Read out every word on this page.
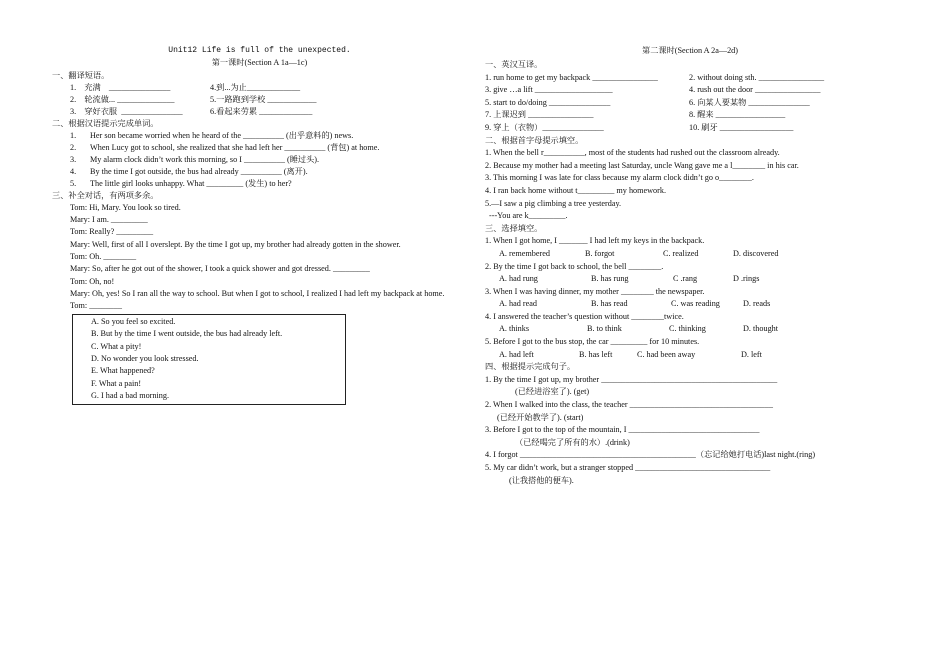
Unit12 Life is full of the unexpected.
第一课时(Section A 1a—1c)
一、翻译短语。
1. 充满 _______________	4.到...为止_____________
2. 轮流做... ______________	5.一路跑到学校 ____________
3. 穿好衣服 _______________	6.看起来劳累 _____________
二、根据汉语提示完成单词。
1. Her son became worried when he heard of the __________ (出乎意料的) news.
2. When Lucy got to school, she realized that she had left her __________ (背包) at home.
3. My alarm clock didn’t work this morning, so I __________ (睡过头).
4. By the time I got outside, the bus had already __________ (离开).
5. The little girl looks unhappy. What _________ (发生) to her?
三、补全对话，有两项多余。
Tom: Hi, Mary. You look so tired.
Mary: I am. _________
Tom: Really? _________
Mary: Well, first of all I overslept. By the time I got up, my brother had already gotten in the shower.
Tom: Oh. ________
Mary: So, after he got out of the shower, I took a quick shower and got dressed. _________
Tom: Oh, no!
Mary: Oh, yes! So I ran all the way to school. But when I got to school, I realized I had left my backpack at home.
Tom: ________
A. So you feel so excited.
B. But by the time I went outside, the bus had already left.
C. What a pity!
D. No wonder you look stressed.
E. What happened?
F. What a pain!
G. I had a bad morning.
第二课时(Section A 2a—2d)
一、英汉互译。
1. run home to get my backpack ________________	2. without doing sth. ________________
3. give …a lift ___________________	4. rush out the door ________________
5. start to do/doing _______________	6. 向某人要某物 _______________
7. 上课迟到 ________________	8. 醒来 _________________
9. 穿上（衣物）_______________	10. 刷牙 __________________
二、根据首字母提示填空。
1. When the bell r__________, most of the students had rushed out the classroom already.
2. Because my mother had a meeting last Saturday, uncle Wang gave me a l________ in his car.
3. This morning I was late for class because my alarm clock didn’t go o________.
4. I ran back home without t_________ my homework.
5.—I saw a pig climbing a tree yesterday.
---You are k_________.
三、选择填空。
1. When I got home, I _______ I had left my keys in the backpack.
A. remembered	B. forgot	C. realized	D. discovered
2. By the time I got back to school, the bell ________.
A. had rung	B. has rung	C .rang	D .rings
3. When I was having dinner, my mother ________ the newspaper.
A. had read	B. has read	C. was reading	D. reads
4. I answered the teacher’s question without ________twice.
A. thinks	B. to think	C. thinking	D. thought
5. Before I got to the bus stop, the car _________ for 10 minutes.
A. had left	B. has left	C. had been away	D. left
四、根据提示完成句子。
1. By the time I got up, my brother ___________________________________________
(已经进浴室了). (get)
2. When I walked into the class, the teacher ___________________________________
(已经开始教学了). (start)
3. Before I got to the top of the mountain, I ________________________________
（已经喝完了所有的水）.(drink)
4. I forgot ___________________________________________（忘记给她打电话)last night.(ring)
5. My car didn’t work, but a stranger stopped _________________________________
(让我搭他的便车).
